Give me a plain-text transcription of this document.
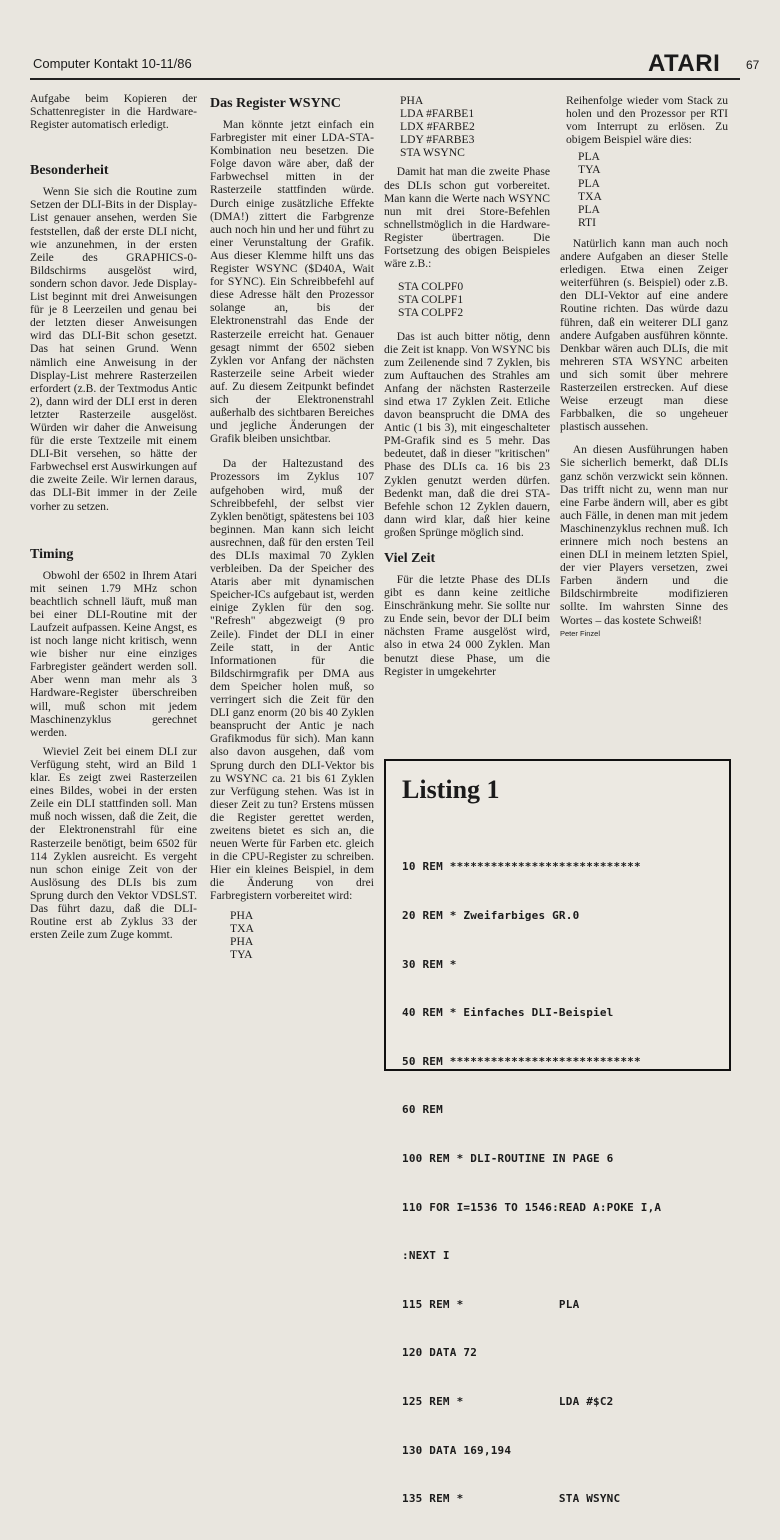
Computer Kontakt 10-11/86	ATARI 67

Aufgabe beim Kopieren der Schattenregister in die Hardware-Register automatisch erledigt.

Besonderheit

Wenn Sie sich die Routine zum Setzen der DLI-Bits in der Display-List genauer ansehen, werden Sie feststellen, daß der erste DLI nicht, wie anzunehmen, in der ersten Zeile des GRAPHICS-0-Bildschirms ausgelöst wird, sondern schon davor. Jede Display-List beginnt mit drei Anweisungen für je 8 Leerzeilen und genau bei der letzten dieser Anweisungen wird das DLI-Bit schon gesetzt. Das hat seinen Grund. Wenn nämlich eine Anweisung in der Display-List mehrere Rasterzeilen erfordert (z.B. der Textmodus Antic 2), dann wird der DLI erst in deren letzter Rasterzeile ausgelöst. Würden wir daher die Anweisung für die erste Textzeile mit einem DLI-Bit versehen, so hätte der Farbwechsel erst Auswirkungen auf die zweite Zeile. Wir lernen daraus, das DLI-Bit immer in der Zeile vorher zu setzen.

Timing

Obwohl der 6502 in Ihrem Atari mit seinen 1.79 MHz schon beachtlich schnell läuft, muß man bei einer DLI-Routine mit der Laufzeit aufpassen. Keine Angst, es ist noch lange nicht kritisch, wenn wie bisher nur eine einziges Farbregister geändert werden soll. Aber wenn man mehr als 3 Hardware-Register überschreiben will, muß schon mit jedem Maschinenzyklus gerechnet werden.

Wieviel Zeit bei einem DLI zur Verfügung steht, wird an Bild 1 klar. Es zeigt zwei Rasterzeilen eines Bildes, wobei in der ersten Zeile ein DLI stattfinden soll. Man muß noch wissen, daß die Zeit, die der Elektronenstrahl für eine Rasterzeile benötigt, beim 6502 für 114 Zyklen ausreicht. Es vergeht nun schon einige Zeit von der Auslösung des DLIs bis zum Sprung durch den Vektor VDSLST. Das führt dazu, daß die DLI-Routine erst ab Zyklus 33 der ersten Zeile zum Zuge kommt.

Das Register WSYNC

Man könnte jetzt einfach ein Farbregister mit einer LDA-STA-Kombination neu besetzen. Die Folge davon wäre aber, daß der Farbwechsel mitten in der Rasterzeile stattfinden würde. Durch einige zusätzliche Effekte (DMA!) zittert die Farbgrenze auch noch hin und her und führt zu einer Verunstaltung der Grafik. Aus dieser Klemme hilft uns das Register WSYNC ($D40A, Wait for SYNC). Ein Schreibbefehl auf diese Adresse hält den Prozessor solange an, bis der Elektronenstrahl das Ende der Rasterzeile erreicht hat. Genauer gesagt nimmt der 6502 sieben Zyklen vor Anfang der nächsten Rasterzeile seine Arbeit wieder auf. Zu diesem Zeitpunkt befindet sich der Elektronenstrahl außerhalb des sichtbaren Bereiches und jegliche Änderungen der Grafik bleiben unsichtbar.

Da der Haltezustand des Prozessors im Zyklus 107 aufgehoben wird, muß der Schreibbefehl, der selbst vier Zyklen benötigt, spätestens bei 103 beginnen. Man kann sich leicht ausrechnen, daß für den ersten Teil des DLIs maximal 70 Zyklen verbleiben. Da der Speicher des Ataris aber mit dynamischen Speicher-ICs aufgebaut ist, werden einige Zyklen für den sog. "Refresh" abgezweigt (9 pro Zeile). Findet der DLI in einer Zeile statt, in der Antic Informationen für die Bildschirmgrafik per DMA aus dem Speicher holen muß, so verringert sich die Zeit für den DLI ganz enorm (20 bis 40 Zyklen beansprucht der Antic je nach Grafikmodus für sich). Man kann also davon ausgehen, daß vom Sprung durch den DLI-Vektor bis zu WSYNC ca. 21 bis 61 Zyklen zur Verfügung stehen. Was ist in dieser Zeit zu tun? Erstens müssen die Register gerettet werden, zweitens bietet es sich an, die neuen Werte für Farben etc. gleich in die CPU-Register zu schreiben. Hier ein kleines Beispiel, in dem die Änderung von drei Farbregistern vorbereitet wird:

PHA
TXA
PHA
TYA
PHA
LDA #FARBE1
LDX #FARBE2
LDY #FARBE3
STA WSYNC

Damit hat man die zweite Phase des DLIs schon gut vorbereitet. Man kann die Werte nach WSYNC nun mit drei Store-Befehlen schnellstmöglich in die Hardware-Register übertragen. Die Fortsetzung des obigen Beispieles wäre z.B.:

STA COLPF0
STA COLPF1
STA COLPF2

Das ist auch bitter nötig, denn die Zeit ist knapp. Von WSYNC bis zum Zeilenende sind 7 Zyklen, bis zum Auftauchen des Strahles am Anfang der nächsten Rasterzeile sind etwa 17 Zyklen Zeit. Etliche davon beansprucht die DMA des Antic (1 bis 3), mit eingeschalteter PM-Grafik sind es 5 mehr. Das bedeutet, daß in dieser "kritischen" Phase des DLIs ca. 16 bis 23 Zyklen genutzt werden dürfen. Bedenkt man, daß die drei STA-Befehle schon 12 Zyklen dauern, dann wird klar, daß hier keine großen Sprünge möglich sind.

Viel Zeit

Für die letzte Phase des DLIs gibt es dann keine zeitliche Einschränkung mehr. Sie sollte nur zu Ende sein, bevor der DLI beim nächsten Frame ausgelöst wird, also in etwa 24 000 Zyklen. Man benutzt diese Phase, um die Register in umgekehrter

Reihenfolge wieder vom Stack zu holen und den Prozessor per RTI vom Interrupt zu erlösen. Zu obigem Beispiel wäre dies:

PLA
TYA
PLA
TXA
PLA
RTI

Natürlich kann man auch noch andere Aufgaben an dieser Stelle erledigen. Etwa einen Zeiger weiterführen (s. Beispiel) oder z.B. den DLI-Vektor auf eine andere Routine richten. Das würde dazu führen, daß ein weiterer DLI ganz andere Aufgaben ausführen könnte. Denkbar wären auch DLIs, die mit mehreren STA WSYNC arbeiten und sich somit über mehrere Rasterzeilen erstrecken. Auf diese Weise erzeugt man diese Farbbalken, die so ungeheuer plastisch aussehen.

An diesen Ausführungen haben Sie sicherlich bemerkt, daß DLIs ganz schön verzwickt sein können. Das trifft nicht zu, wenn man nur eine Farbe ändern will, aber es gibt auch Fälle, in denen man mit jedem Maschinenzyklus rechnen muß. Ich erinnere mich noch bestens an einen DLI in meinem letzten Spiel, der vier Players versetzen, zwei Farben ändern und die Bildschirmbreite modifizieren sollte. Im wahrsten Sinne des Wortes – das kostete Schweiß!

Peter Finzel

Listing 1

10 REM ****************************

20 REM * Zweifarbiges GR.0

30 REM *

40 REM * Einfaches DLI-Beispiel

50 REM ****************************

60 REM

100 REM * DLI-ROUTINE IN PAGE 6

110 FOR I=1536 TO 1546:READ A:POKE I,A

:NEXT I

115 REM *              PLA

120 DATA 72

125 REM *              LDA #$C2

130 DATA 169,194

135 REM *              STA WSYNC
